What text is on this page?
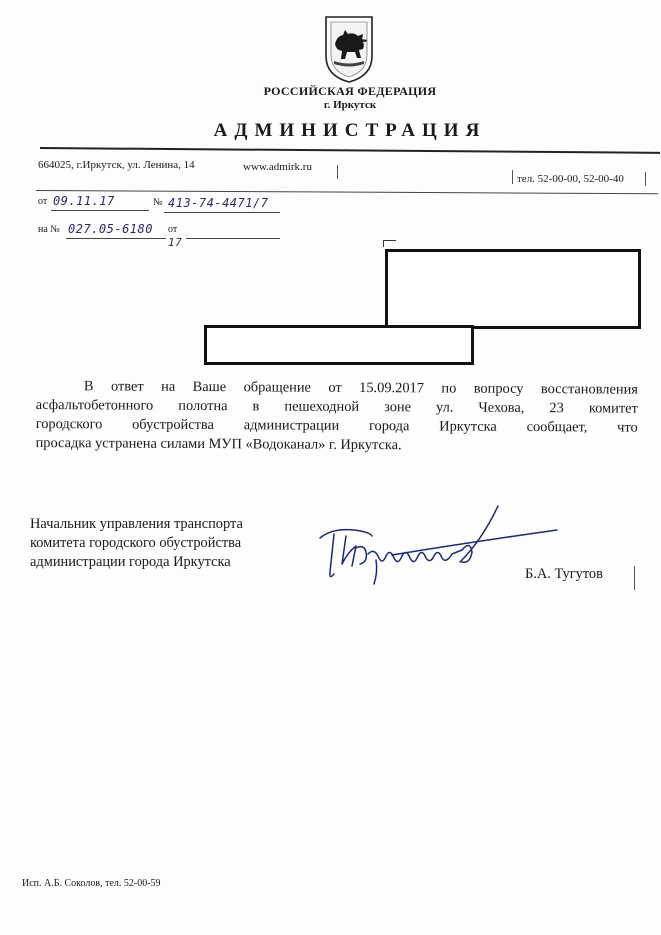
РОССИЙСКАЯ ФЕДЕРАЦИЯ
г. Иркутск
АДМИНИСТРАЦИЯ
664025, г.Иркутск, ул. Ленина, 14	www.admirk.ru
тел. 52-00-00, 52-00-40
от 09.11.17	№ 413-74-4471/7
на № 027.05-6180 от
17
В ответ на Ваше обращение от 15.09.2017 по вопросу восстановления
асфальтобетонного полотна в пешеходной зоне ул. Чехова, 23 комитет
городского обустройства администрации города Иркутска сообщает, что
просадка устранена силами МУП «Водоканал» г. Иркутска.
Начальник управления транспорта
комитета городского обустройства
администрации города Иркутска
Б.А. Тугутов
Исп. А.Б. Соколов, тел. 52-00-59
